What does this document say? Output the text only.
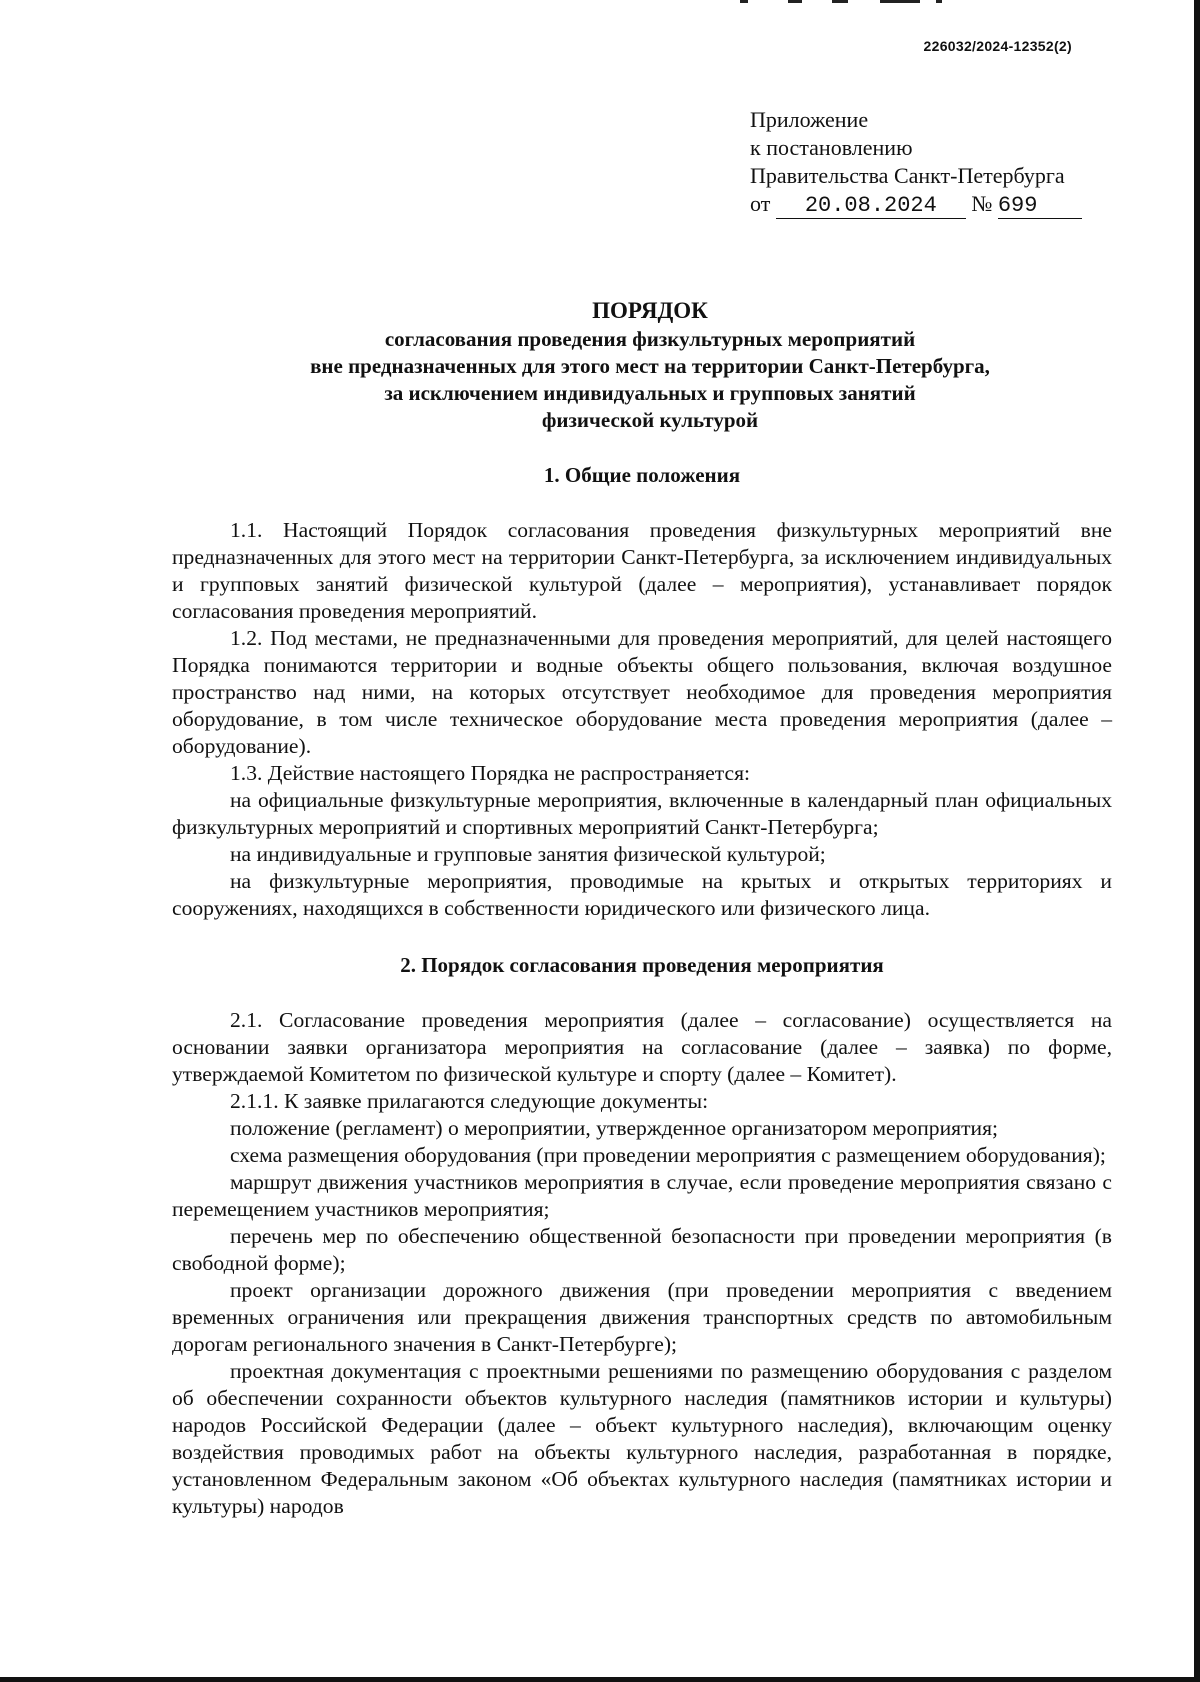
226032/2024-12352(2)
Приложение
к постановлению
Правительства Санкт-Петербурга
от 20.08.2024 № 699
ПОРЯДОК
согласования проведения физкультурных мероприятий
вне предназначенных для этого мест на территории Санкт-Петербурга,
за исключением индивидуальных и групповых занятий
физической культурой

1. Общие положения

1.1. Настоящий Порядок согласования проведения физкультурных мероприятий вне предназначенных для этого мест на территории Санкт-Петербурга, за исключением индивидуальных и групповых занятий физической культурой (далее – мероприятия), устанавливает порядок согласования проведения мероприятий.

1.2. Под местами, не предназначенными для проведения мероприятий, для целей настоящего Порядка понимаются территории и водные объекты общего пользования, включая воздушное пространство над ними, на которых отсутствует необходимое для проведения мероприятия оборудование, в том числе техническое оборудование места проведения мероприятия (далее – оборудование).

1.3. Действие настоящего Порядка не распространяется:

на официальные физкультурные мероприятия, включенные в календарный план официальных физкультурных мероприятий и спортивных мероприятий Санкт-Петербурга;

на индивидуальные и групповые занятия физической культурой;

на физкультурные мероприятия, проводимые на крытых и открытых территориях и сооружениях, находящихся в собственности юридического или физического лица.

2. Порядок согласования проведения мероприятия

2.1. Согласование проведения мероприятия (далее – согласование) осуществляется на основании заявки организатора мероприятия на согласование (далее – заявка) по форме, утверждаемой Комитетом по физической культуре и спорту (далее – Комитет).

2.1.1. К заявке прилагаются следующие документы:

положение (регламент) о мероприятии, утвержденное организатором мероприятия;

схема размещения оборудования (при проведении мероприятия с размещением оборудования);

маршрут движения участников мероприятия в случае, если проведение мероприятия связано с перемещением участников мероприятия;

перечень мер по обеспечению общественной безопасности при проведении мероприятия (в свободной форме);

проект организации дорожного движения (при проведении мероприятия с введением временных ограничения или прекращения движения транспортных средств по автомобильным дорогам регионального значения в Санкт-Петербурге);

проектная документация с проектными решениями по размещению оборудования с разделом об обеспечении сохранности объектов культурного наследия (памятников истории и культуры) народов Российской Федерации (далее – объект культурного наследия), включающим оценку воздействия проводимых работ на объекты культурного наследия, разработанная в порядке, установленном Федеральным законом «Об объектах культурного наследия (памятниках истории и культуры) народов
